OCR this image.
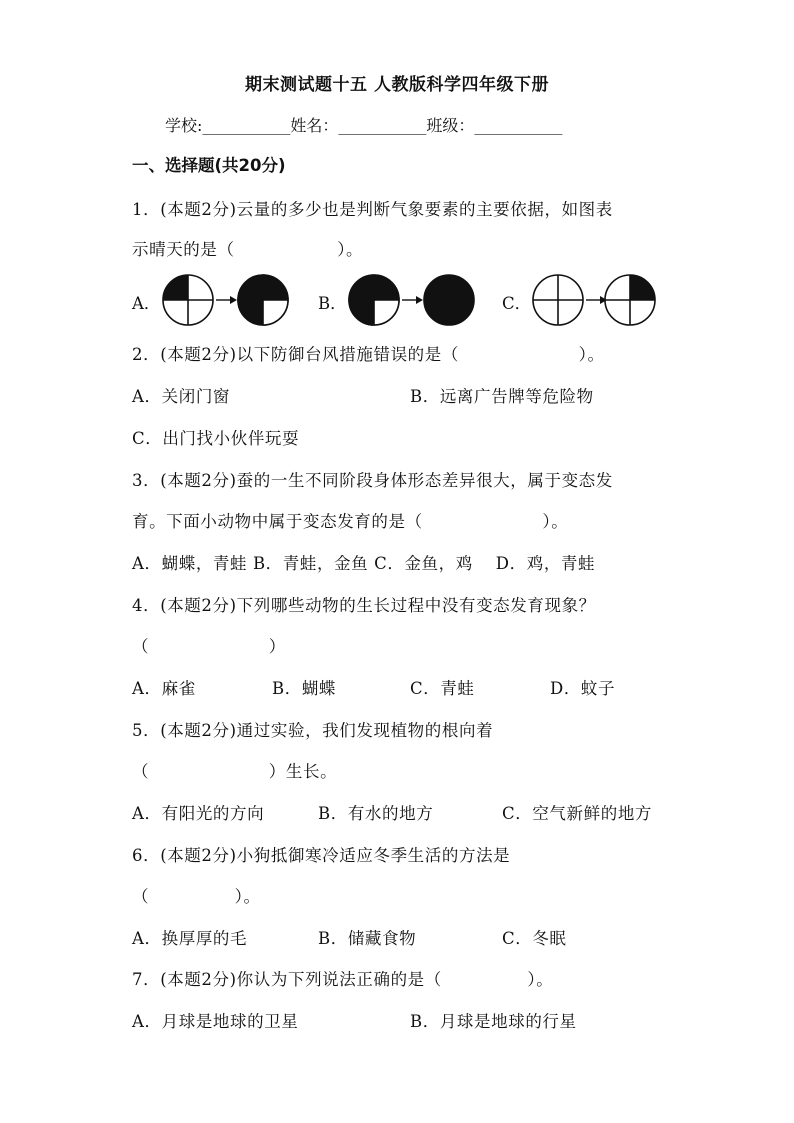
期末测试题十五 人教版科学四年级下册
学校:___________姓名：___________班级：___________
一、选择题(共20分)
1．(本题2分)云量的多少也是判断气象要素的主要依据，如图表
示晴天的是（　　　　　　）。
A．	B．	C．
2．(本题2分)以下防御台风措施错误的是（　　　　　　　）。
A．关闭门窗	B．远离广告牌等危险物
C．出门找小伙伴玩耍
3．(本题2分)蚕的一生不同阶段身体形态差异很大，属于变态发
育。下面小动物中属于变态发育的是（　　　　　　　）。
A．蝴蝶，青蛙 B．青蛙，金鱼 C．金鱼，鸡　 D．鸡，青蛙
4．(本题2分)下列哪些动物的生长过程中没有变态发育现象？
（　　　　　　　）
A．麻雀	B．蝴蝶	C．青蛙	D．蚊子
5．(本题2分)通过实验，我们发现植物的根向着
（　　　　　　　）生长。
A．有阳光的方向	B．有水的地方	C．空气新鲜的地方
6．(本题2分)小狗抵御寒冷适应冬季生活的方法是
（　　　　　）。
A．换厚厚的毛	B．储藏食物	C．冬眠
7．(本题2分)你认为下列说法正确的是（　　　　　）。
A．月球是地球的卫星	B．月球是地球的行星
